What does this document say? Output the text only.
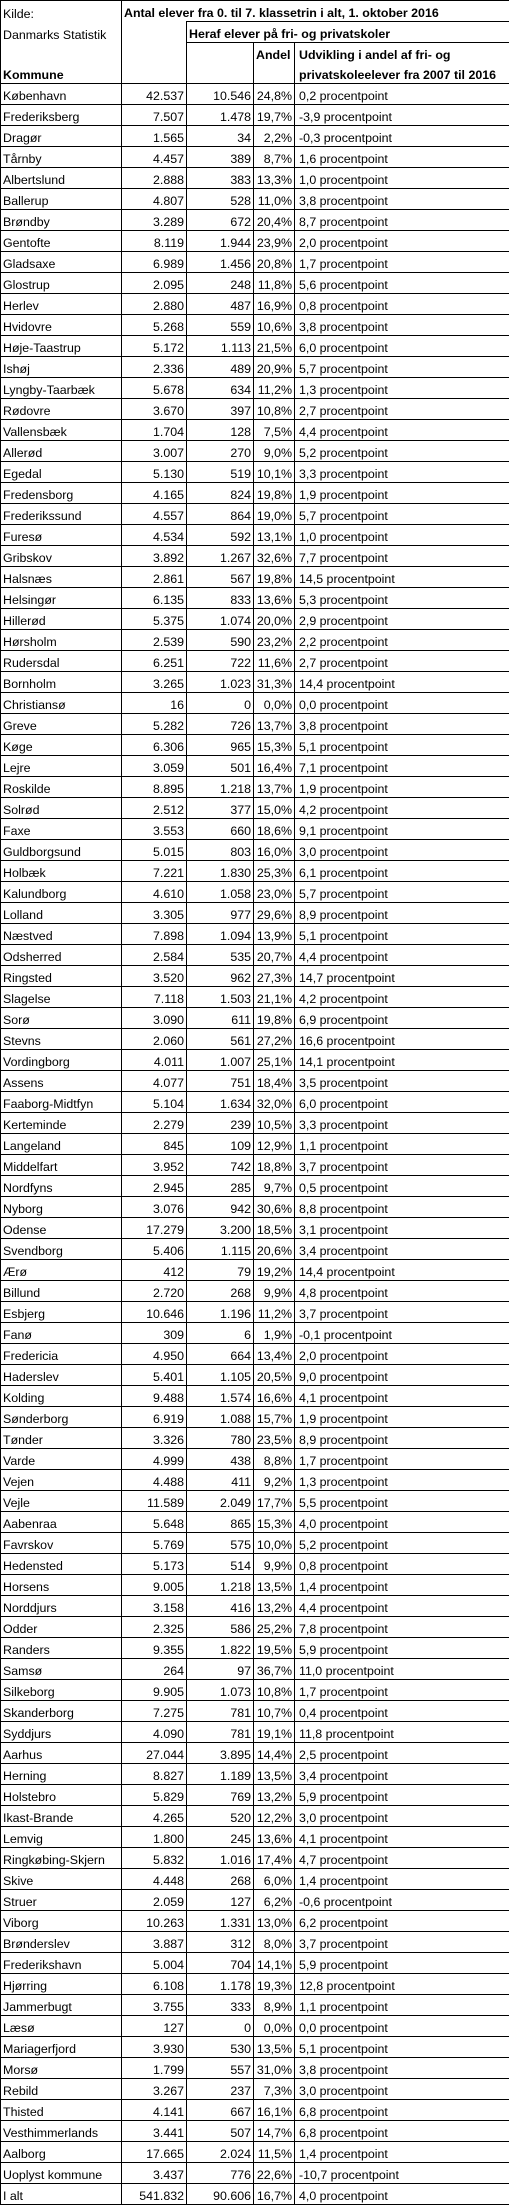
Kilde:	Antal elever fra 0. til 7. klassetrin i alt, 1. oktober 2016			
Danmarks Statistik		Heraf elever på fri- og privatskoler		
			Andel	Udvikling i andel af fri- og
Kommune				privatskoleelever fra 2007 til 2016
København	42.537	10.546	24,8%	0,2 procentpoint
Frederiksberg	7.507	1.478	19,7%	-3,9 procentpoint
Dragør	1.565	34	2,2%	-0,3 procentpoint
Tårnby	4.457	389	8,7%	1,6 procentpoint
Albertslund	2.888	383	13,3%	1,0 procentpoint
Ballerup	4.807	528	11,0%	3,8 procentpoint
Brøndby	3.289	672	20,4%	8,7 procentpoint
Gentofte	8.119	1.944	23,9%	2,0 procentpoint
Gladsaxe	6.989	1.456	20,8%	1,7 procentpoint
Glostrup	2.095	248	11,8%	5,6 procentpoint
Herlev	2.880	487	16,9%	0,8 procentpoint
Hvidovre	5.268	559	10,6%	3,8 procentpoint
Høje-Taastrup	5.172	1.113	21,5%	6,0 procentpoint
Ishøj	2.336	489	20,9%	5,7 procentpoint
Lyngby-Taarbæk	5.678	634	11,2%	1,3 procentpoint
Rødovre	3.670	397	10,8%	2,7 procentpoint
Vallensbæk	1.704	128	7,5%	4,4 procentpoint
Allerød	3.007	270	9,0%	5,2 procentpoint
Egedal	5.130	519	10,1%	3,3 procentpoint
Fredensborg	4.165	824	19,8%	1,9 procentpoint
Frederikssund	4.557	864	19,0%	5,7 procentpoint
Furesø	4.534	592	13,1%	1,0 procentpoint
Gribskov	3.892	1.267	32,6%	7,7 procentpoint
Halsnæs	2.861	567	19,8%	14,5 procentpoint
Helsingør	6.135	833	13,6%	5,3 procentpoint
Hillerød	5.375	1.074	20,0%	2,9 procentpoint
Hørsholm	2.539	590	23,2%	2,2 procentpoint
Rudersdal	6.251	722	11,6%	2,7 procentpoint
Bornholm	3.265	1.023	31,3%	14,4 procentpoint
Christiansø	16	0	0,0%	0,0 procentpoint
Greve	5.282	726	13,7%	3,8 procentpoint
Køge	6.306	965	15,3%	5,1 procentpoint
Lejre	3.059	501	16,4%	7,1 procentpoint
Roskilde	8.895	1.218	13,7%	1,9 procentpoint
Solrød	2.512	377	15,0%	4,2 procentpoint
Faxe	3.553	660	18,6%	9,1 procentpoint
Guldborgsund	5.015	803	16,0%	3,0 procentpoint
Holbæk	7.221	1.830	25,3%	6,1 procentpoint
Kalundborg	4.610	1.058	23,0%	5,7 procentpoint
Lolland	3.305	977	29,6%	8,9 procentpoint
Næstved	7.898	1.094	13,9%	5,1 procentpoint
Odsherred	2.584	535	20,7%	4,4 procentpoint
Ringsted	3.520	962	27,3%	14,7 procentpoint
Slagelse	7.118	1.503	21,1%	4,2 procentpoint
Sorø	3.090	611	19,8%	6,9 procentpoint
Stevns	2.060	561	27,2%	16,6 procentpoint
Vordingborg	4.011	1.007	25,1%	14,1 procentpoint
Assens	4.077	751	18,4%	3,5 procentpoint
Faaborg-Midtfyn	5.104	1.634	32,0%	6,0 procentpoint
Kerteminde	2.279	239	10,5%	3,3 procentpoint
Langeland	845	109	12,9%	1,1 procentpoint
Middelfart	3.952	742	18,8%	3,7 procentpoint
Nordfyns	2.945	285	9,7%	0,5 procentpoint
Nyborg	3.076	942	30,6%	8,8 procentpoint
Odense	17.279	3.200	18,5%	3,1 procentpoint
Svendborg	5.406	1.115	20,6%	3,4 procentpoint
Ærø	412	79	19,2%	14,4 procentpoint
Billund	2.720	268	9,9%	4,8 procentpoint
Esbjerg	10.646	1.196	11,2%	3,7 procentpoint
Fanø	309	6	1,9%	-0,1 procentpoint
Fredericia	4.950	664	13,4%	2,0 procentpoint
Haderslev	5.401	1.105	20,5%	9,0 procentpoint
Kolding	9.488	1.574	16,6%	4,1 procentpoint
Sønderborg	6.919	1.088	15,7%	1,9 procentpoint
Tønder	3.326	780	23,5%	8,9 procentpoint
Varde	4.999	438	8,8%	1,7 procentpoint
Vejen	4.488	411	9,2%	1,3 procentpoint
Vejle	11.589	2.049	17,7%	5,5 procentpoint
Aabenraa	5.648	865	15,3%	4,0 procentpoint
Favrskov	5.769	575	10,0%	5,2 procentpoint
Hedensted	5.173	514	9,9%	0,8 procentpoint
Horsens	9.005	1.218	13,5%	1,4 procentpoint
Norddjurs	3.158	416	13,2%	4,4 procentpoint
Odder	2.325	586	25,2%	7,8 procentpoint
Randers	9.355	1.822	19,5%	5,9 procentpoint
Samsø	264	97	36,7%	11,0 procentpoint
Silkeborg	9.905	1.073	10,8%	1,7 procentpoint
Skanderborg	7.275	781	10,7%	0,4 procentpoint
Syddjurs	4.090	781	19,1%	11,8 procentpoint
Aarhus	27.044	3.895	14,4%	2,5 procentpoint
Herning	8.827	1.189	13,5%	3,4 procentpoint
Holstebro	5.829	769	13,2%	5,9 procentpoint
Ikast-Brande	4.265	520	12,2%	3,0 procentpoint
Lemvig	1.800	245	13,6%	4,1 procentpoint
Ringkøbing-Skjern	5.832	1.016	17,4%	4,7 procentpoint
Skive	4.448	268	6,0%	1,4 procentpoint
Struer	2.059	127	6,2%	-0,6 procentpoint
Viborg	10.263	1.331	13,0%	6,2 procentpoint
Brønderslev	3.887	312	8,0%	3,7 procentpoint
Frederikshavn	5.004	704	14,1%	5,9 procentpoint
Hjørring	6.108	1.178	19,3%	12,8 procentpoint
Jammerbugt	3.755	333	8,9%	1,1 procentpoint
Læsø	127	0	0,0%	0,0 procentpoint
Mariagerfjord	3.930	530	13,5%	5,1 procentpoint
Morsø	1.799	557	31,0%	3,8 procentpoint
Rebild	3.267	237	7,3%	3,0 procentpoint
Thisted	4.141	667	16,1%	6,8 procentpoint
Vesthimmerlands	3.441	507	14,7%	6,8 procentpoint
Aalborg	17.665	2.024	11,5%	1,4 procentpoint
Uoplyst kommune	3.437	776	22,6%	-10,7 procentpoint
I alt	541.832	90.606	16,7%	4,0 procentpoint
